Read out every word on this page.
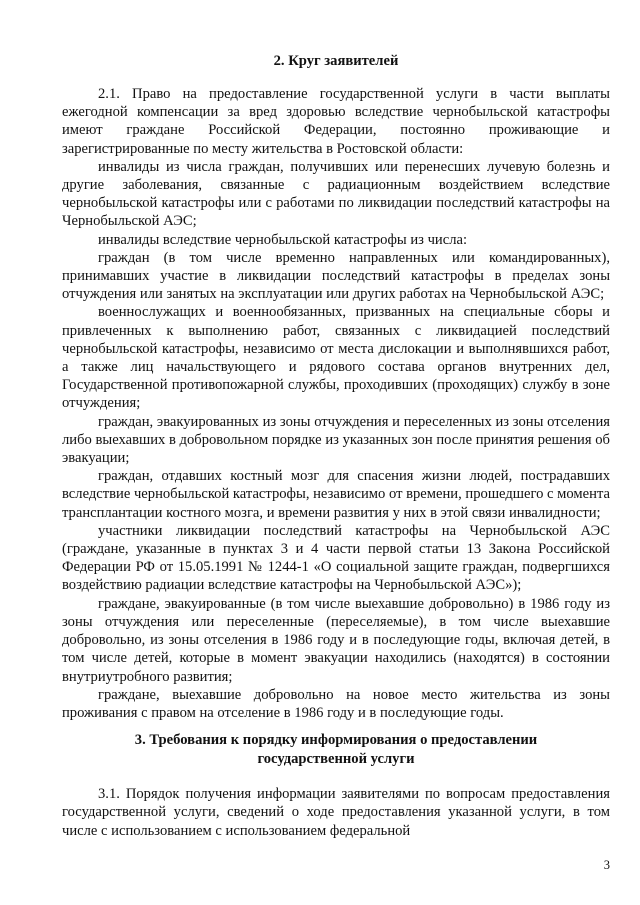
2. Круг заявителей

2.1. Право на предоставление государственной услуги в части выплаты ежегодной компенсации за вред здоровью вследствие чернобыльской катастрофы имеют граждане Российской Федерации, постоянно проживающие и зарегистрированные по месту жительства в Ростовской области:

инвалиды из числа граждан, получивших или перенесших лучевую болезнь и другие заболевания, связанные с радиационным воздействием вследствие чернобыльской катастрофы или с работами по ликвидации последствий катастрофы на Чернобыльской АЭС;

инвалиды вследствие чернобыльской катастрофы из числа:

граждан (в том числе временно направленных или командированных), принимавших участие в ликвидации последствий катастрофы в пределах зоны отчуждения или занятых на эксплуатации или других работах на Чернобыльской АЭС;

военнослужащих и военнообязанных, призванных на специальные сборы и привлеченных к выполнению работ, связанных с ликвидацией последствий чернобыльской катастрофы, независимо от места дислокации и выполнявшихся работ, а также лиц начальствующего и рядового состава органов внутренних дел, Государственной противопожарной службы, проходивших (проходящих) службу в зоне отчуждения;

граждан, эвакуированных из зоны отчуждения и переселенных из зоны отселения либо выехавших в добровольном порядке из указанных зон после принятия решения об эвакуации;

граждан, отдавших костный мозг для спасения жизни людей, пострадавших вследствие чернобыльской катастрофы, независимо от времени, прошедшего с момента трансплантации костного мозга, и времени развития у них в этой связи инвалидности;

участники ликвидации последствий катастрофы на Чернобыльской АЭС (граждане, указанные в пунктах 3 и 4 части первой статьи 13 Закона Российской Федерации РФ от 15.05.1991 № 1244-1 «О социальной защите граждан, подвергшихся воздействию радиации вследствие катастрофы на Чернобыльской АЭС»);

граждане, эвакуированные (в том числе выехавшие добровольно) в 1986 году из зоны отчуждения или переселенные (переселяемые), в том числе выехавшие добровольно, из зоны отселения в 1986 году и в последующие годы, включая детей, в том числе детей, которые в момент эвакуации находились (находятся) в состоянии внутриутробного развития;

граждане, выехавшие добровольно на новое место жительства из зоны проживания с правом на отселение в 1986 году и в последующие годы.

3. Требования к порядку информирования о предоставлении
государственной услуги

3.1. Порядок получения информации заявителями по вопросам предоставления государственной услуги, сведений о ходе предоставления указанной услуги, в том числе с использованием с использованием федеральной

3
